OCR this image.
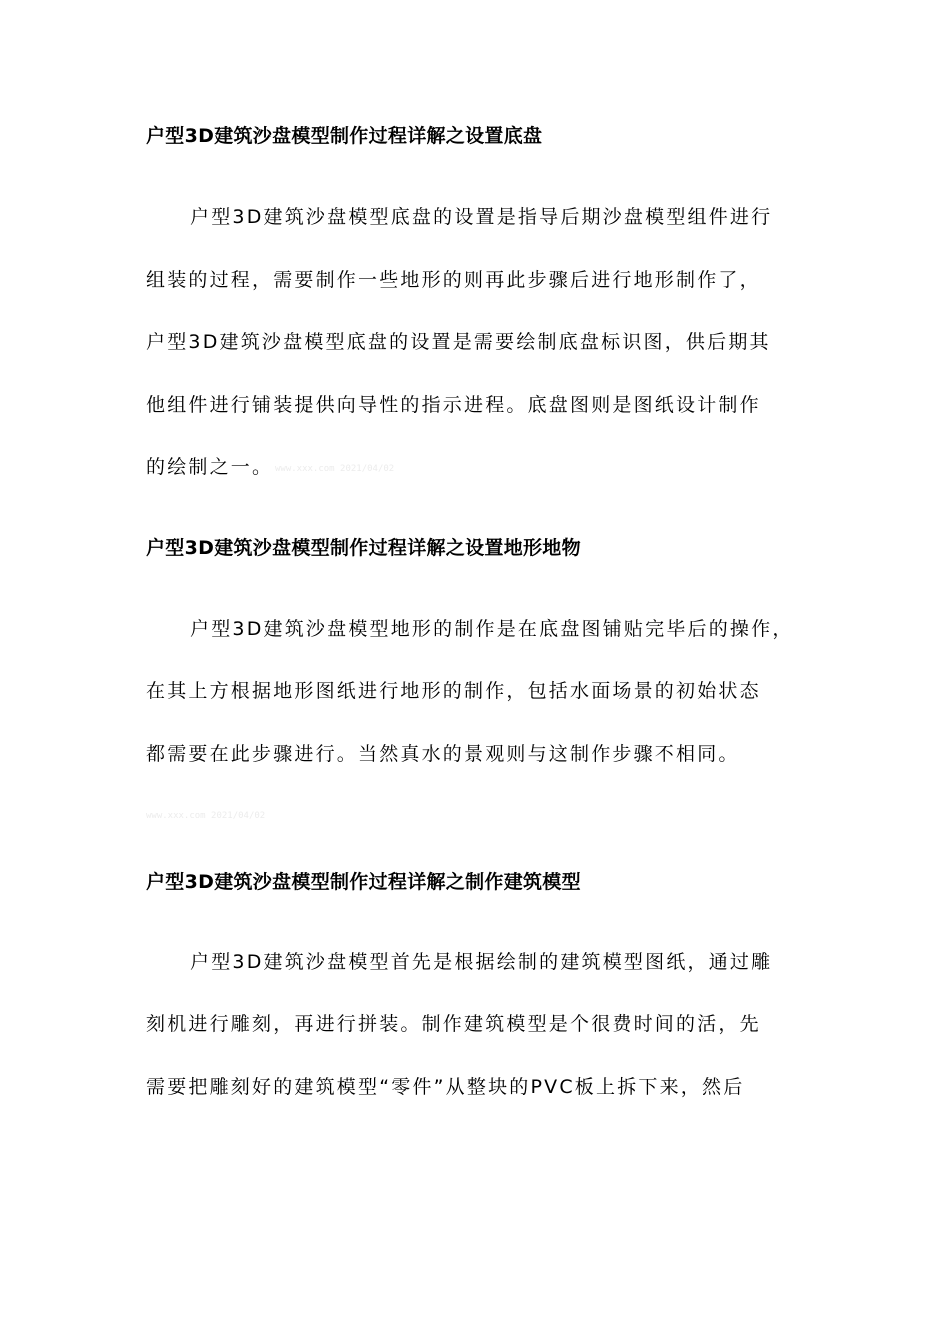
户型3D建筑沙盘模型制作过程详解之设置底盘
户型3D建筑沙盘模型底盘的设置是指导后期沙盘模型组件进行
组装的过程，需要制作一些地形的则再此步骤后进行地形制作了，
户型3D建筑沙盘模型底盘的设置是需要绘制底盘标识图，供后期其
他组件进行铺装提供向导性的指示进程。底盘图则是图纸设计制作
的绘制之一。 www.xxx.com 2021/04/02
户型3D建筑沙盘模型制作过程详解之设置地形地物
户型3D建筑沙盘模型地形的制作是在底盘图铺贴完毕后的操作，
在其上方根据地形图纸进行地形的制作，包括水面场景的初始状态
都需要在此步骤进行。当然真水的景观则与这制作步骤不相同。
www.xxx.com 2021/04/02
户型3D建筑沙盘模型制作过程详解之制作建筑模型
户型3D建筑沙盘模型首先是根据绘制的建筑模型图纸，通过雕
刻机进行雕刻，再进行拼装。制作建筑模型是个很费时间的活，先
需要把雕刻好的建筑模型“零件”从整块的PVC板上拆下来，然后
